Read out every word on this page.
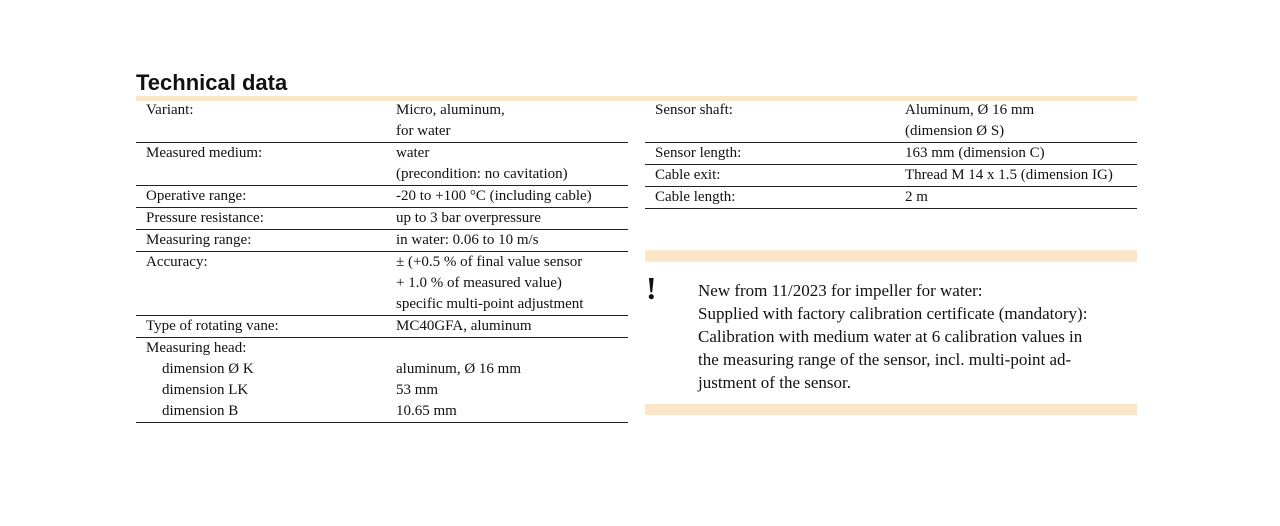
Technical data
Variant:	Micro, aluminum,
	for water
Measured medium:	water
	(precondition: no cavitation)
Operative range:	-20 to +100 °C (including cable)
Pressure resistance:	up to 3 bar overpressure
Measuring range:	in water: 0.06 to 10 m/s
Accuracy:	± (+0.5 % of final value sensor
	+ 1.0 % of measured value)
	specific multi-point adjustment
Type of rotating vane:	MC40GFA, aluminum
Measuring head:	
dimension Ø K	aluminum, Ø 16 mm
dimension LK	53 mm
dimension B	10.65 mm
Sensor shaft:	Aluminum, Ø 16 mm
	(dimension Ø S)
Sensor length:	163 mm (dimension C)
Cable exit:	Thread M 14 x 1.5 (dimension IG)
Cable length:	2 m
! New from 11/2023 for impeller for water:
Supplied with factory calibration certificate (mandatory):
Calibration with medium water at 6 calibration values in
the measuring range of the sensor, incl. multi-point ad-
justment of the sensor.
